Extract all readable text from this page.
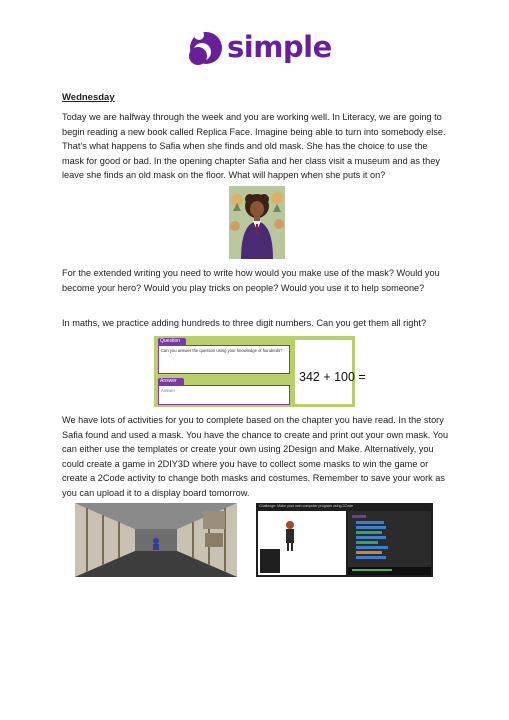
simple
Wednesday

Today we are halfway through the week and you are working well. In Literacy, we are going to begin reading a new book called Replica Face. Imagine being able to turn into somebody else. That’s what happens to Safia when she finds and old mask. She has the choice to use the mask for good or bad. In the opening chapter Safia and her class visit a museum and as they leave she finds an old mask on the floor. What will happen when she puts it on?

For the extended writing you need to write how would you make use of the mask? Would you become your hero? Would you play tricks on people? Would you use it to help someone?

In maths, we practice adding hundreds to three digit numbers. Can you get them all right?

Question
Can you answer the question using your knowledge of hundreds?
Answer
Answer
342 + 100 =

We have lots of activities for you to complete based on the chapter you have read. In the story Safia found and used a mask. You have the chance to create and print out your own mask. You can either use the templates or create your own using 2Design and Make. Alternatively, you could create a game in 2DIY3D where you have to collect some masks to win the game or create a 2Code activity to change both masks and costumes. Remember to save your work as you can upload it to a display board tomorrow.

Challenge: Make your own computer program using 2Code
